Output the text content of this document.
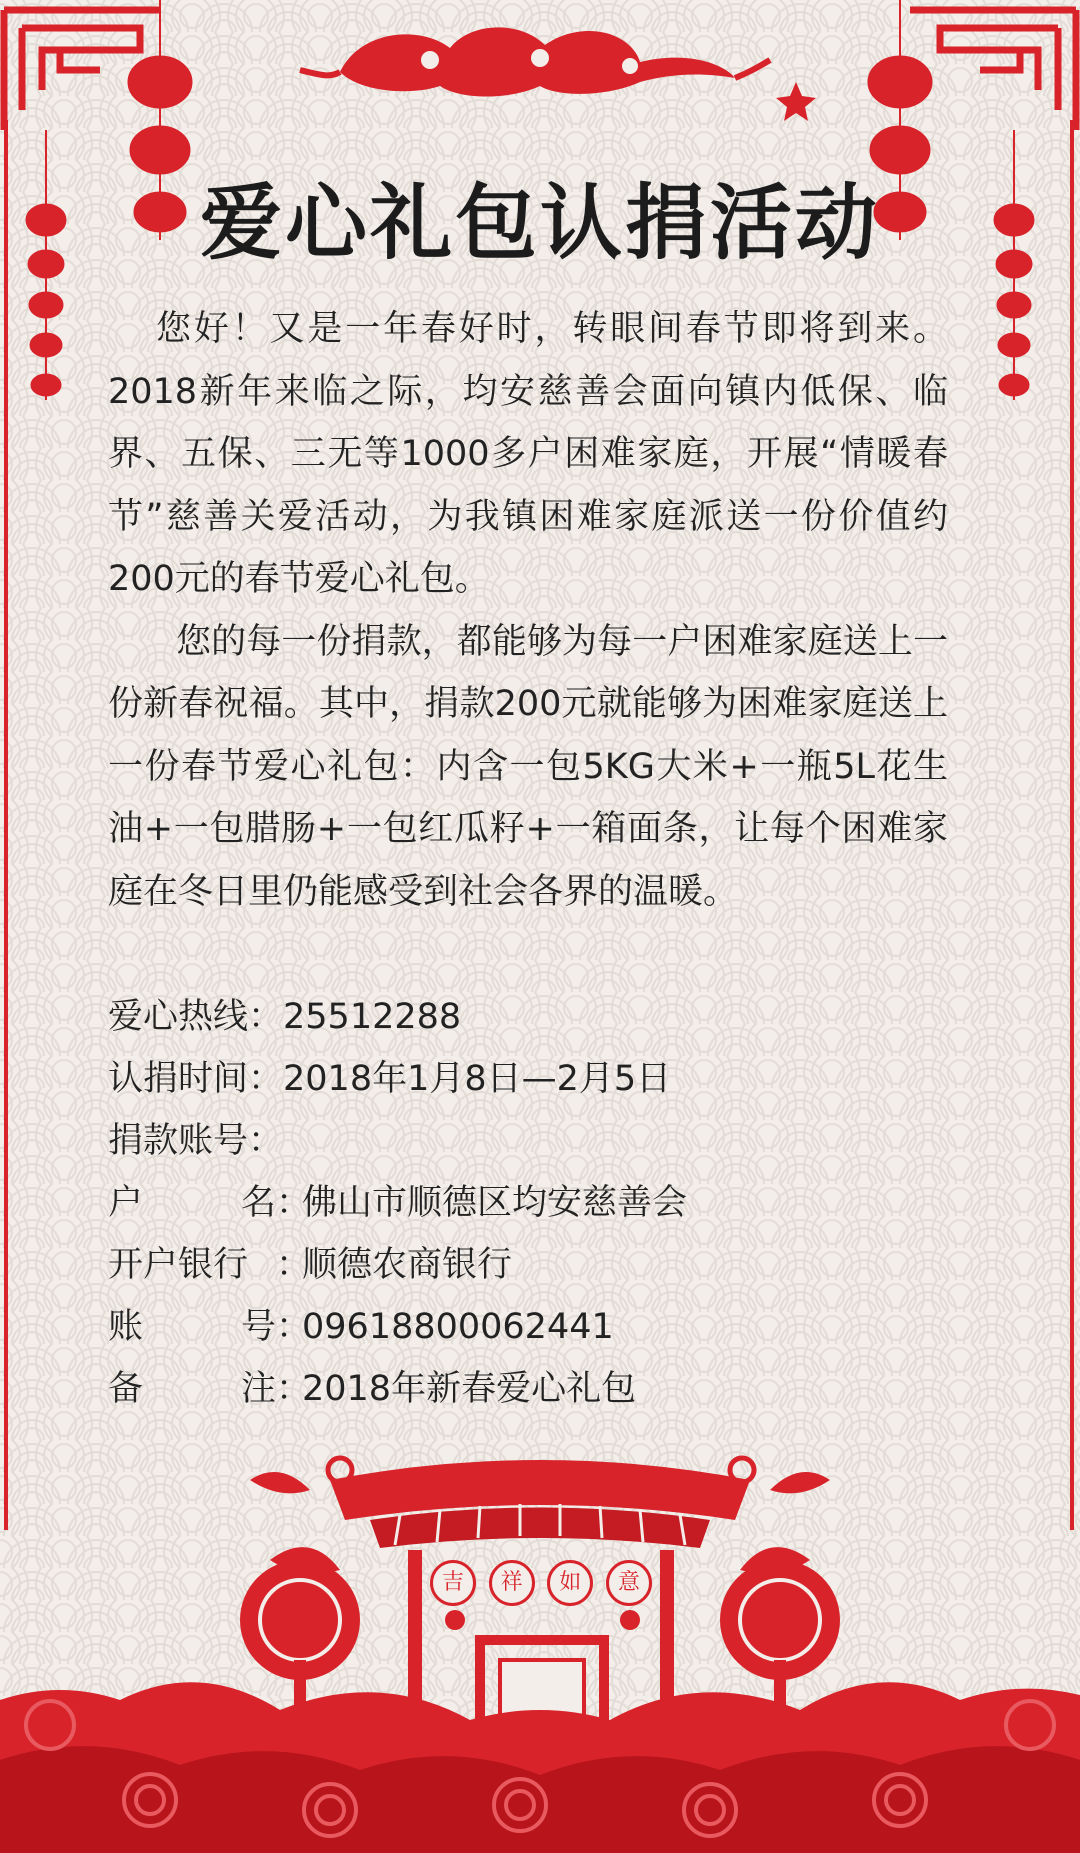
吉	祥	如	意
爱心礼包认捐活动

您好！又是一年春好时，转眼间春节即将到来。2018新年来临之际，均安慈善会面向镇内低保、临界、五保、三无等1000多户困难家庭，开展“情暖春节”慈善关爱活动，为我镇困难家庭派送一份价值约200元的春节爱心礼包。

您的每一份捐款，都能够为每一户困难家庭送上一份新春祝福。其中，捐款200元就能够为困难家庭送上一份春节爱心礼包：内含一包5KG大米+一瓶5L花生油+一包腊肠+一包红瓜籽+一箱面条，让每个困难家庭在冬日里仍能感受到社会各界的温暖。

爱心热线： 25512288
认捐时间： 2018年1月8日—2月5日
捐款账号：
户	名 ：
佛山市顺德区均安慈善会
开户银行 ：
顺德农商银行
账	号 ：
09618800062441
备	注 ：
2018年新春爱心礼包
